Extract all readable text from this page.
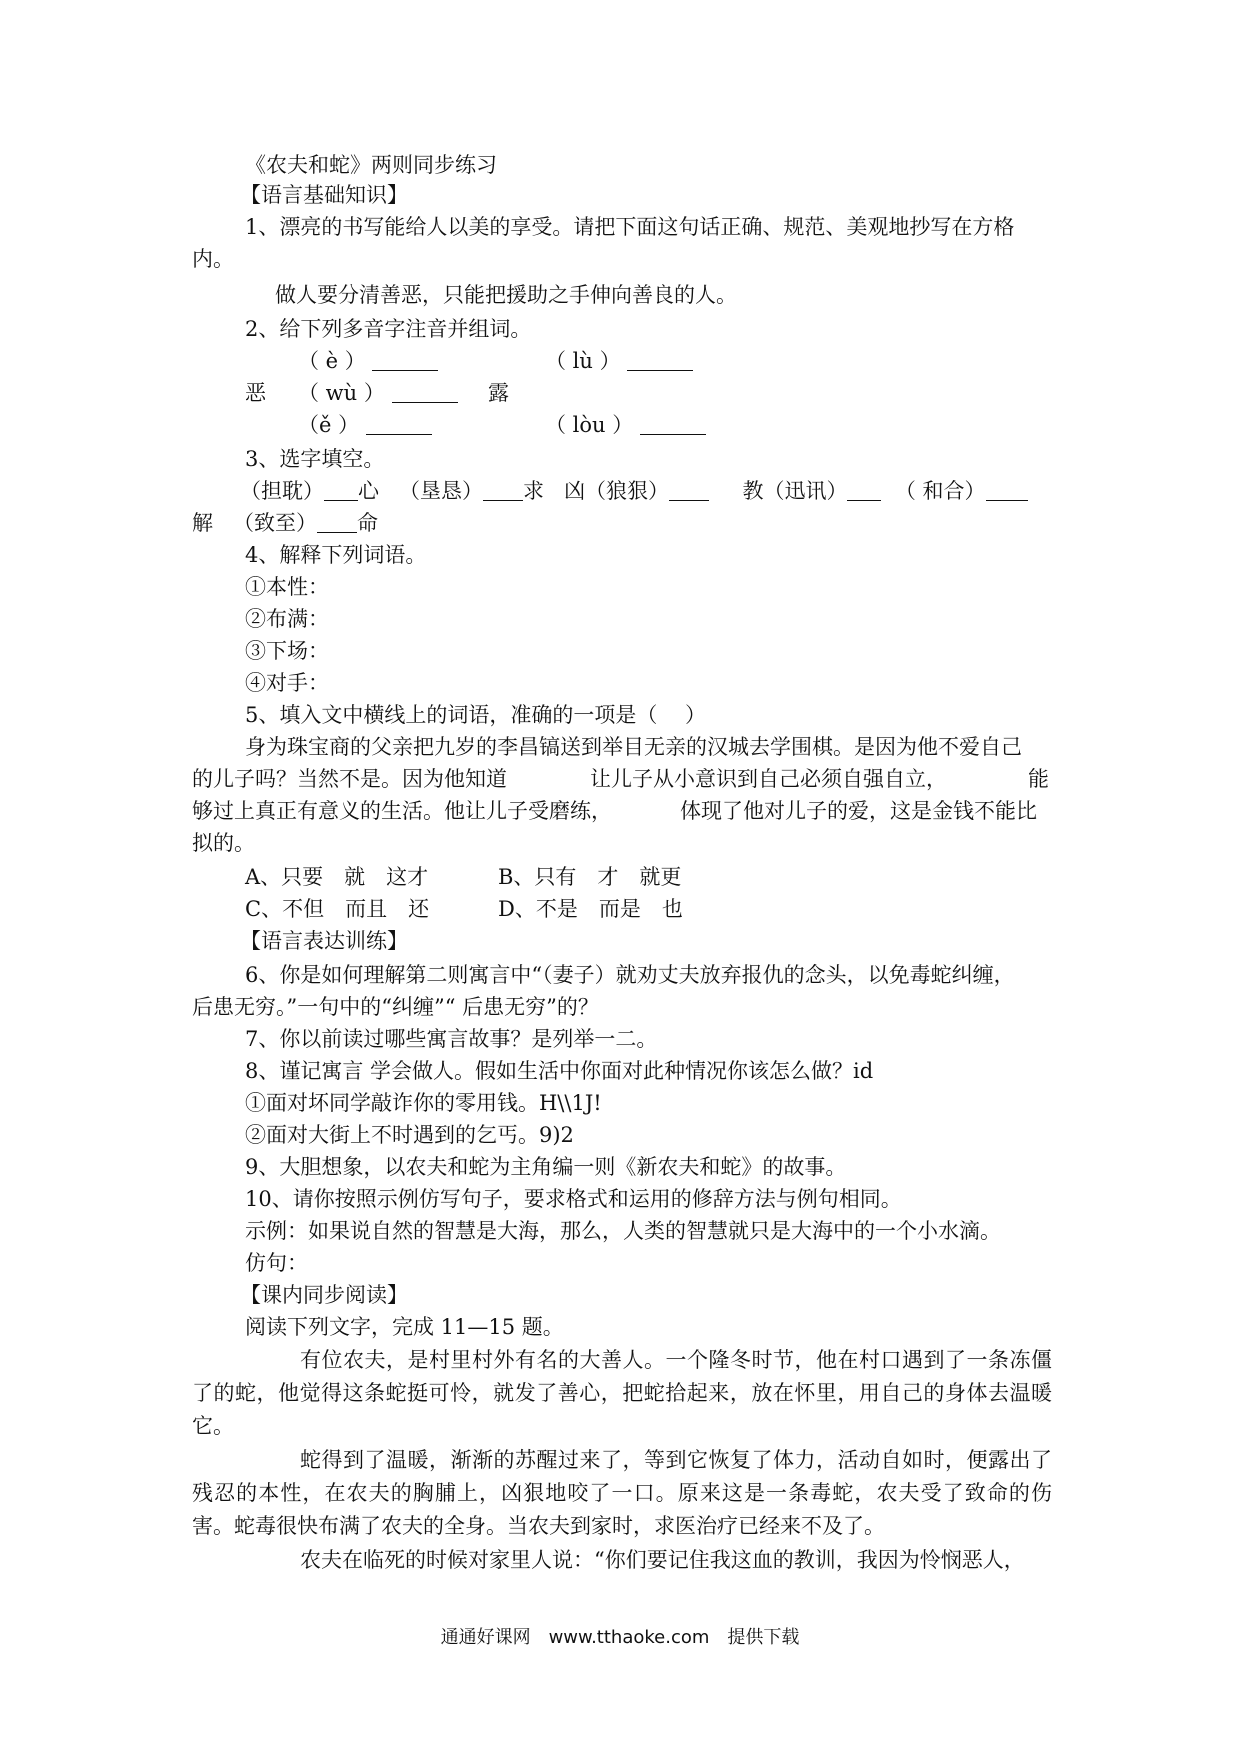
《农夫和蛇》两则同步练习
【语言基础知识】
1、漂亮的书写能给人以美的享受。请把下面这句话正确、规范、美观地抄写在方格
内。
做人要分清善恶，只能把援助之手伸向善良的人。
2、给下列多音字注音并组词。
（ è ）	（ lù ）
恶 （ wù ）	露
（ě ）	（ lòu ）
3、选字填空。
（担耽） 心 （垦恳） 求 凶（狼狠）	教（迅讯） （ 和合）
解 （致至） 命
4、解释下列词语。
①本性：
②布满：
③下场：
④对手：
5、填入文中横线上的词语，准确的一项是（　 ）
身为珠宝商的父亲把九岁的李昌镐送到举目无亲的汉城去学围棋。是因为他不爱自己
的儿子吗？当然不是。因为他知道	让儿子从小意识到自己必须自强自立，	能
够过上真正有意义的生活。他让儿子受磨练，	体现了他对儿子的爱，这是金钱不能比
拟的。
A、只要　就　这才	B、只有　才　就更
C、不但　而且　还	D、不是　而是　也
【语言表达训练】
6、你是如何理解第二则寓言中“（妻子）就劝丈夫放弃报仇的念头，以免毒蛇纠缠，
后患无穷。”一句中的“纠缠”“ 后患无穷”的？
7、你以前读过哪些寓言故事？是列举一二。
8、谨记寓言 学会做人。假如生活中你面对此种情况你该怎么做？id
①面对坏同学敲诈你的零用钱。H\\1J!
②面对大街上不时遇到的乞丐。9)2
9、大胆想象，以农夫和蛇为主角编一则《新农夫和蛇》的故事。
10、请你按照示例仿写句子，要求格式和运用的修辞方法与例句相同。
示例：如果说自然的智慧是大海，那么，人类的智慧就只是大海中的一个小水滴。
仿句：
【课内同步阅读】
阅读下列文字，完成 11—15 题。
有位农夫，是村里村外有名的大善人。一个隆冬时节，他在村口遇到了一条冻僵了的蛇，他觉得这条蛇挺可怜，就发了善心，把蛇拾起来，放在怀里，用自己的身体去温暖它。
蛇得到了温暖，渐渐的苏醒过来了，等到它恢复了体力，活动自如时，便露出了残忍的本性，在农夫的胸脯上，凶狠地咬了一口。原来这是一条毒蛇，农夫受了致命的伤害。蛇毒很快布满了农夫的全身。当农夫到家时，求医治疗已经来不及了。
农夫在临死的时候对家里人说：“你们要记住我这血的教训，我因为怜悯恶人，
通通好课网　www.tthaoke.com　提供下载
